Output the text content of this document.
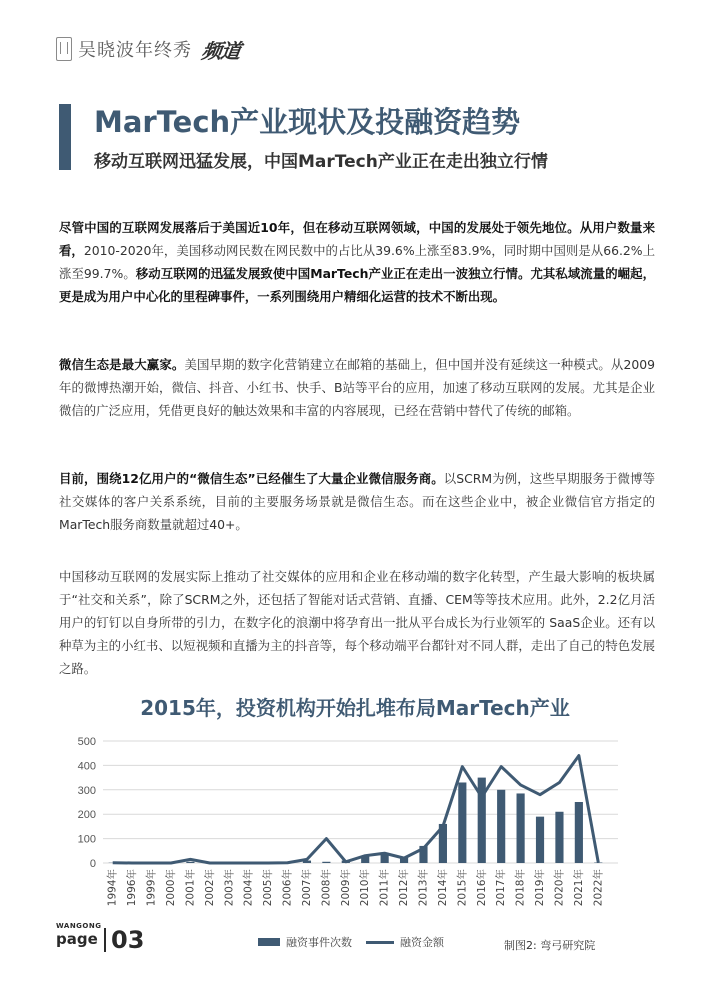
吴晓波年终秀 频道
MarTech产业现状及投融资趋势
移动互联网迅猛发展，中国MarTech产业正在走出独立行情
尽管中国的互联网发展落后于美国近10年，但在移动互联网领域，中国的发展处于领先地位。从用户数量来看，2010-2020年，美国移动网民数在网民数中的占比从39.6%上涨至83.9%，同时期中国则是从66.2%上涨至99.7%。移动互联网的迅猛发展致使中国MarTech产业正在走出一波独立行情。尤其私域流量的崛起，更是成为用户中心化的里程碑事件，一系列围绕用户精细化运营的技术不断出现。
微信生态是最大赢家。美国早期的数字化营销建立在邮箱的基础上，但中国并没有延续这一种模式。从2009年的微博热潮开始，微信、抖音、小红书、快手、B站等平台的应用，加速了移动互联网的发展。尤其是企业微信的广泛应用，凭借更良好的触达效果和丰富的内容展现，已经在营销中替代了传统的邮箱。
目前，围绕12亿用户的“微信生态”已经催生了大量企业微信服务商。以SCRM为例，这些早期服务于微博等社交媒体的客户关系系统，目前的主要服务场景就是微信生态。而在这些企业中，被企业微信官方指定的MarTech服务商数量就超过40+。
中国移动互联网的发展实际上推动了社交媒体的应用和企业在移动端的数字化转型，产生最大影响的板块属于“社交和关系”，除了SCRM之外，还包括了智能对话式营销、直播、CEM等等技术应用。此外，2.2亿月活用户的钉钉以自身所带的引力，在数字化的浪潮中将孕育出一批从平台成长为行业领军的 SaaS企业。还有以种草为主的小红书、以短视频和直播为主的抖音等，每个移动端平台都针对不同人群，走出了自己的特色发展之路。
2015年，投资机构开始扎堆布局MarTech产业
0
100
200
300
400
500
1994年 1996年 1999年 2000年 2001年 2002年 2003年 2004年 2005年 2006年 2007年 2008年 2009年 2010年 2011年 2012年 2013年 2014年 2015年 2016年 2017年 2018年 2019年 2020年 2021年 2022年
WANGONG
page 03	融资事件次数	融资金额	制图2: 弯弓研究院
